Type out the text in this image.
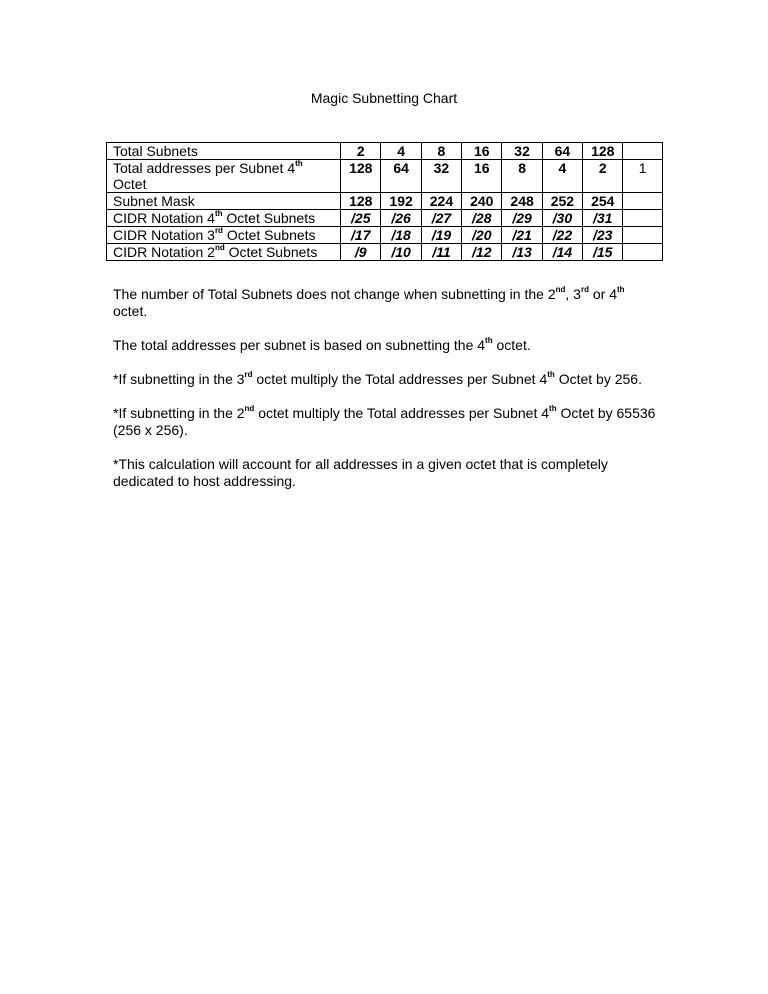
Magic Subnetting Chart
Total Subnets	2	4	8	16	32	64	128	
Total addresses per Subnet 4th Octet	128	64	32	16	8	4	2	1
Subnet Mask	128	192	224	240	248	252	254	
CIDR Notation 4th Octet Subnets	/25	/26	/27	/28	/29	/30	/31	
CIDR Notation 3rd Octet Subnets	/17	/18	/19	/20	/21	/22	/23	
CIDR Notation 2nd Octet Subnets	/9	/10	/11	/12	/13	/14	/15	

The number of Total Subnets does not change when subnetting in the 2nd, 3rd or 4th octet.

The total addresses per subnet is based on subnetting the 4th octet.

*If subnetting in the 3rd octet multiply the Total addresses per Subnet 4th Octet by 256.

*If subnetting in the 2nd octet multiply the Total addresses per Subnet 4th Octet by 65536 (256 x 256).

*This calculation will account for all addresses in a given octet that is completely dedicated to host addressing.
